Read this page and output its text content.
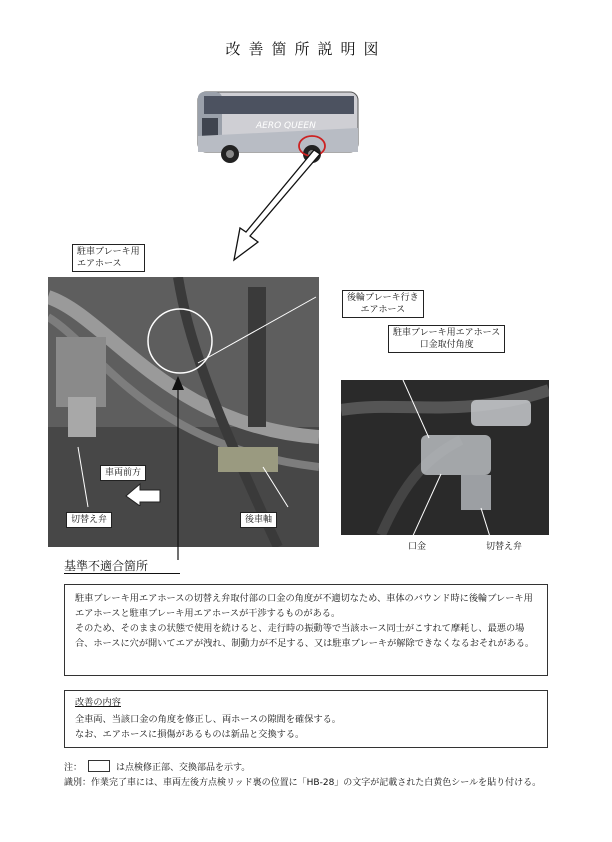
改善箇所説明図
AERO QUEEN
駐車ブレーキ用
エアホース
後輪ブレーキ行き
エアホース
車両前方
切替え弁	後車軸
駐車ブレーキ用エアホース
口金取付角度
口金	切替え弁
基準不適合箇所

駐車ブレーキ用エアホースの切替え弁取付部の口金の角度が不適切なため、車体のバウンド時に後輪ブレーキ用エアホースと駐車ブレーキ用エアホースが干渉するものがある。

そのため、そのままの状態で使用を続けると、走行時の振動等で当該ホース同士がこすれて摩耗し、最悪の場合、ホースに穴が開いてエアが洩れ、制動力が不足する、又は駐車ブレーキが解除できなくなるおそれがある。

改善の内容

全車両、当該口金の角度を修正し、両ホースの隙間を確保する。

なお、エアホースに損傷があるものは新品と交換する。

注：	は点検修正部、交換部品を示す。
識別： 作業完了車には、車両左後方点検リッド裏の位置に「HB-28」の文字が記載された白黄色シールを貼り付ける。
